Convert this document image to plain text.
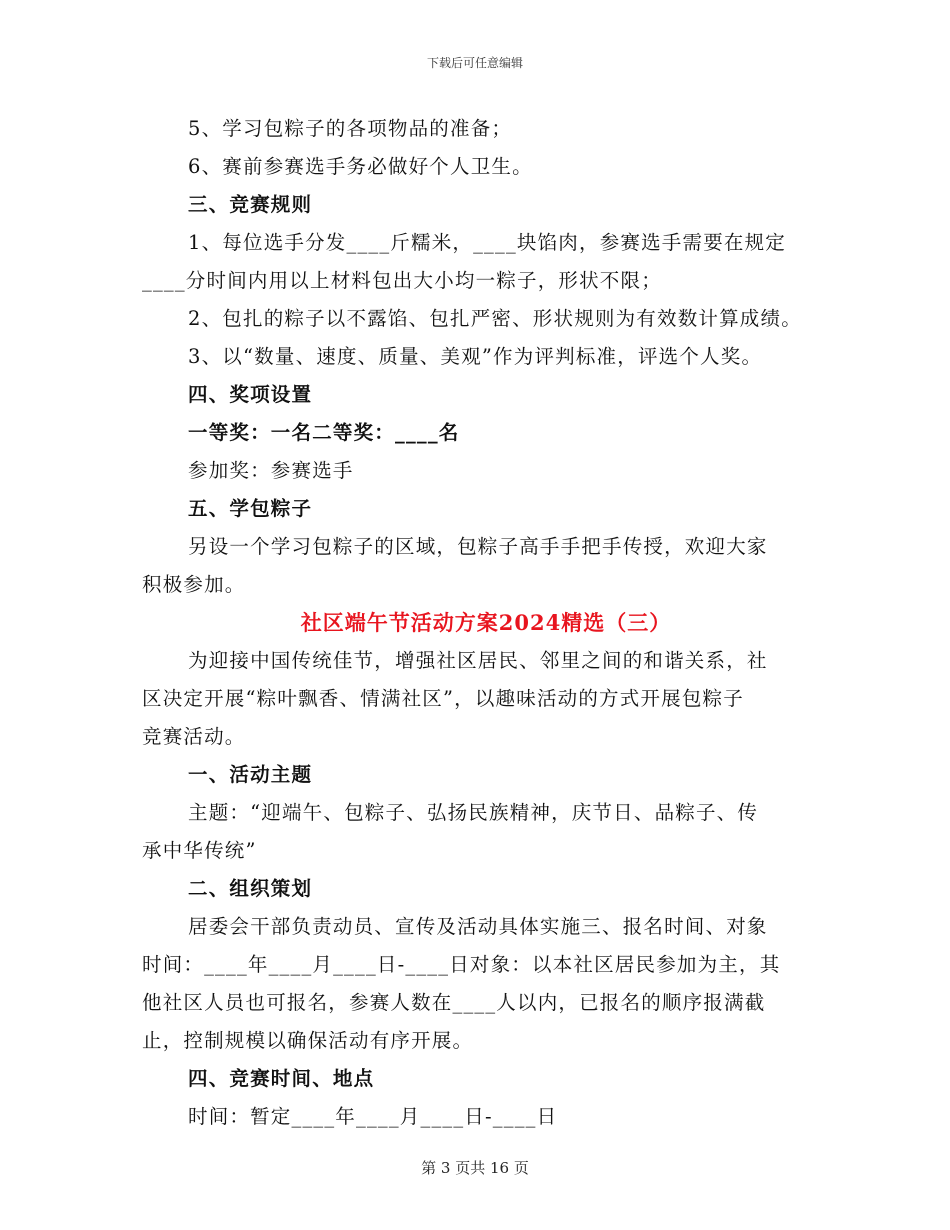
下载后可任意编辑
5、学习包粽子的各项物品的准备；
6、赛前参赛选手务必做好个人卫生。
三、竞赛规则
1、每位选手分发____斤糯米，____块馅肉，参赛选手需要在规定
____分时间内用以上材料包出大小均一粽子，形状不限；
2、包扎的粽子以不露馅、包扎严密、形状规则为有效数计算成绩。
3、以“数量、速度、质量、美观”作为评判标准，评选个人奖。
四、奖项设置
一等奖：一名二等奖：____名
参加奖：参赛选手
五、学包粽子
另设一个学习包粽子的区域，包粽子高手手把手传授，欢迎大家
积极参加。
社区端午节活动方案2024精选（三）
为迎接中国传统佳节，增强社区居民、邻里之间的和谐关系，社
区决定开展“粽叶飘香、情满社区”，以趣味活动的方式开展包粽子
竞赛活动。
一、活动主题
主题：“迎端午、包粽子、弘扬民族精神，庆节日、品粽子、传
承中华传统”
二、组织策划
居委会干部负责动员、宣传及活动具体实施三、报名时间、对象
时间：____年____月____日-____日对象：以本社区居民参加为主，其
他社区人员也可报名，参赛人数在____人以内，已报名的顺序报满截
止，控制规模以确保活动有序开展。
四、竞赛时间、地点
时间：暂定____年____月____日-____日
第 3 页共 16 页
